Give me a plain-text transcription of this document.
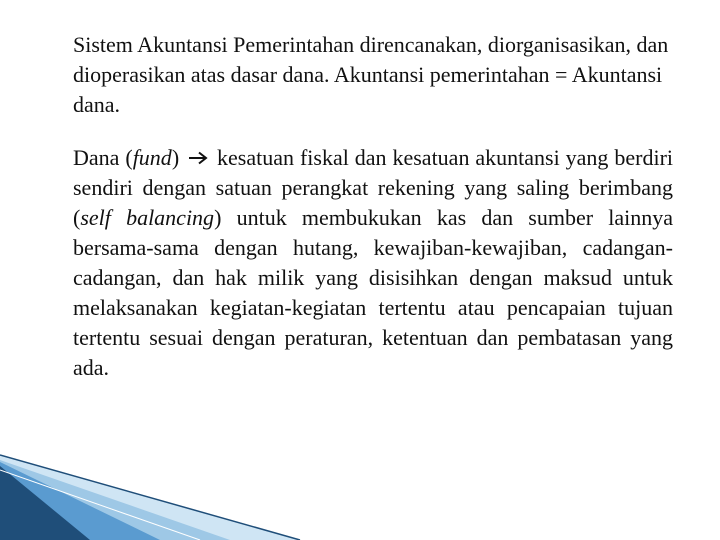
Sistem Akuntansi Pemerintahan direncanakan, diorganisasikan, dan dioperasikan atas dasar dana. Akuntansi pemerintahan = Akuntansi dana.

Dana (fund) kesatuan fiskal dan kesatuan akuntansi yang berdiri sendiri dengan satuan perangkat rekening yang saling berimbang (self balancing) untuk membukukan kas dan sumber lainnya bersama-sama dengan hutang, kewajiban-kewajiban, cadangan-cadangan, dan hak milik yang disisihkan dengan maksud untuk melaksanakan kegiatan-kegiatan tertentu atau pencapaian tujuan tertentu sesuai dengan peraturan, ketentuan dan pembatasan yang ada.
